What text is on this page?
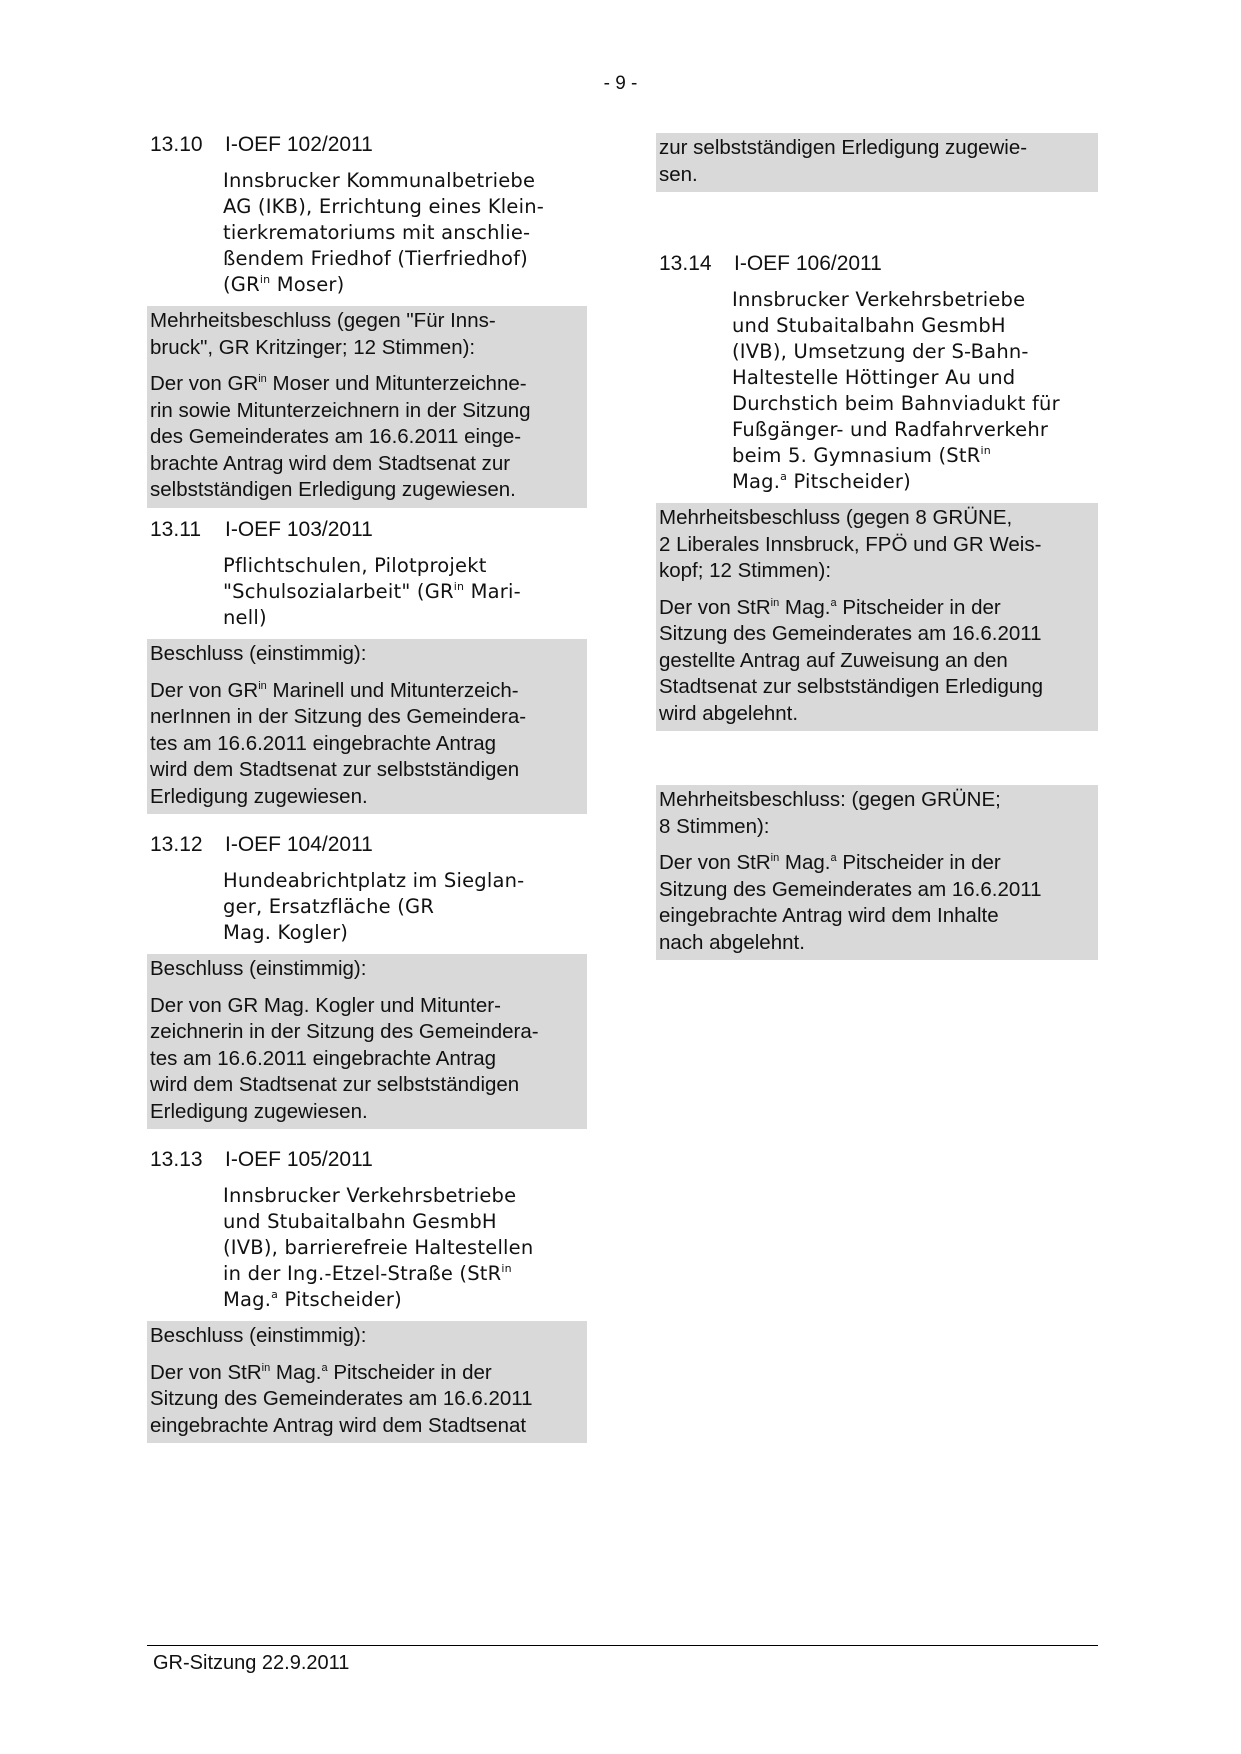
- 9 -
13.10	I-OEF 102/2011
Innsbrucker Kommunalbetriebe
AG (IKB), Errichtung eines Klein-
tierkrematoriums mit anschlie-
ßendem Friedhof (Tierfriedhof)
($GR^{in}$ Moser)
Mehrheitsbeschluss (gegen "Für Inns-
bruck", GR Kritzinger; 12 Stimmen):
Der von $GR^{in}$ Moser und Mitunterzeichne-
rin sowie Mitunterzeichnern in der Sitzung
des Gemeinderates am 16.6.2011 einge-
brachte Antrag wird dem Stadtsenat zur
selbstständigen Erledigung zugewiesen.
13.11	I-OEF 103/2011
Pflichtschulen, Pilotprojekt
"Schulsozialarbeit" ($GR^{in}$ Mari-
nell)
Beschluss (einstimmig):
Der von $GR^{in}$ Marinell und Mitunterzeich-
nerInnen in der Sitzung des Gemeindera-
tes am 16.6.2011 eingebrachte Antrag
wird dem Stadtsenat zur selbstständigen
Erledigung zugewiesen.
13.12	I-OEF 104/2011
Hundeabrichtplatz im Sieglan-
ger, Ersatzfläche (GR
Mag. Kogler)
Beschluss (einstimmig):
Der von GR Mag. Kogler und Mitunter-
zeichnerin in der Sitzung des Gemeindera-
tes am 16.6.2011 eingebrachte Antrag
wird dem Stadtsenat zur selbstständigen
Erledigung zugewiesen.
13.13	I-OEF 105/2011
Innsbrucker Verkehrsbetriebe
und Stubaitalbahn GesmbH
(IVB), barrierefreie Haltestellen
in der Ing.-Etzel-Straße (StR$^{in}$
Mag.$^a$ Pitscheider)
Beschluss (einstimmig):
Der von StR$^{in}$ Mag.$^a$ Pitscheider in der
Sitzung des Gemeinderates am 16.6.2011
eingebrachte Antrag wird dem Stadtsenat
zur selbstständigen Erledigung zugewie-
sen.
13.14	I-OEF 106/2011
Innsbrucker Verkehrsbetriebe
und Stubaitalbahn GesmbH
(IVB), Umsetzung der S-Bahn-
Haltestelle Höttinger Au und
Durchstich beim Bahnviadukt für
Fußgänger- und Radfahrverkehr
beim 5. Gymnasium (StR$^{in}$
Mag.$^a$ Pitscheider)
Mehrheitsbeschluss (gegen 8 GRÜNE,
2 Liberales Innsbruck, FPÖ und GR Weis-
kopf; 12 Stimmen):
Der von StR$^{in}$ Mag.$^a$ Pitscheider in der
Sitzung des Gemeinderates am 16.6.2011
gestellte Antrag auf Zuweisung an den
Stadtsenat zur selbstständigen Erledigung
wird abgelehnt.
Mehrheitsbeschluss: (gegen GRÜNE;
8 Stimmen):
Der von StR$^{in}$ Mag.$^a$ Pitscheider in der
Sitzung des Gemeinderates am 16.6.2011
eingebrachte Antrag wird dem Inhalte
nach abgelehnt.
GR-Sitzung 22.9.2011
